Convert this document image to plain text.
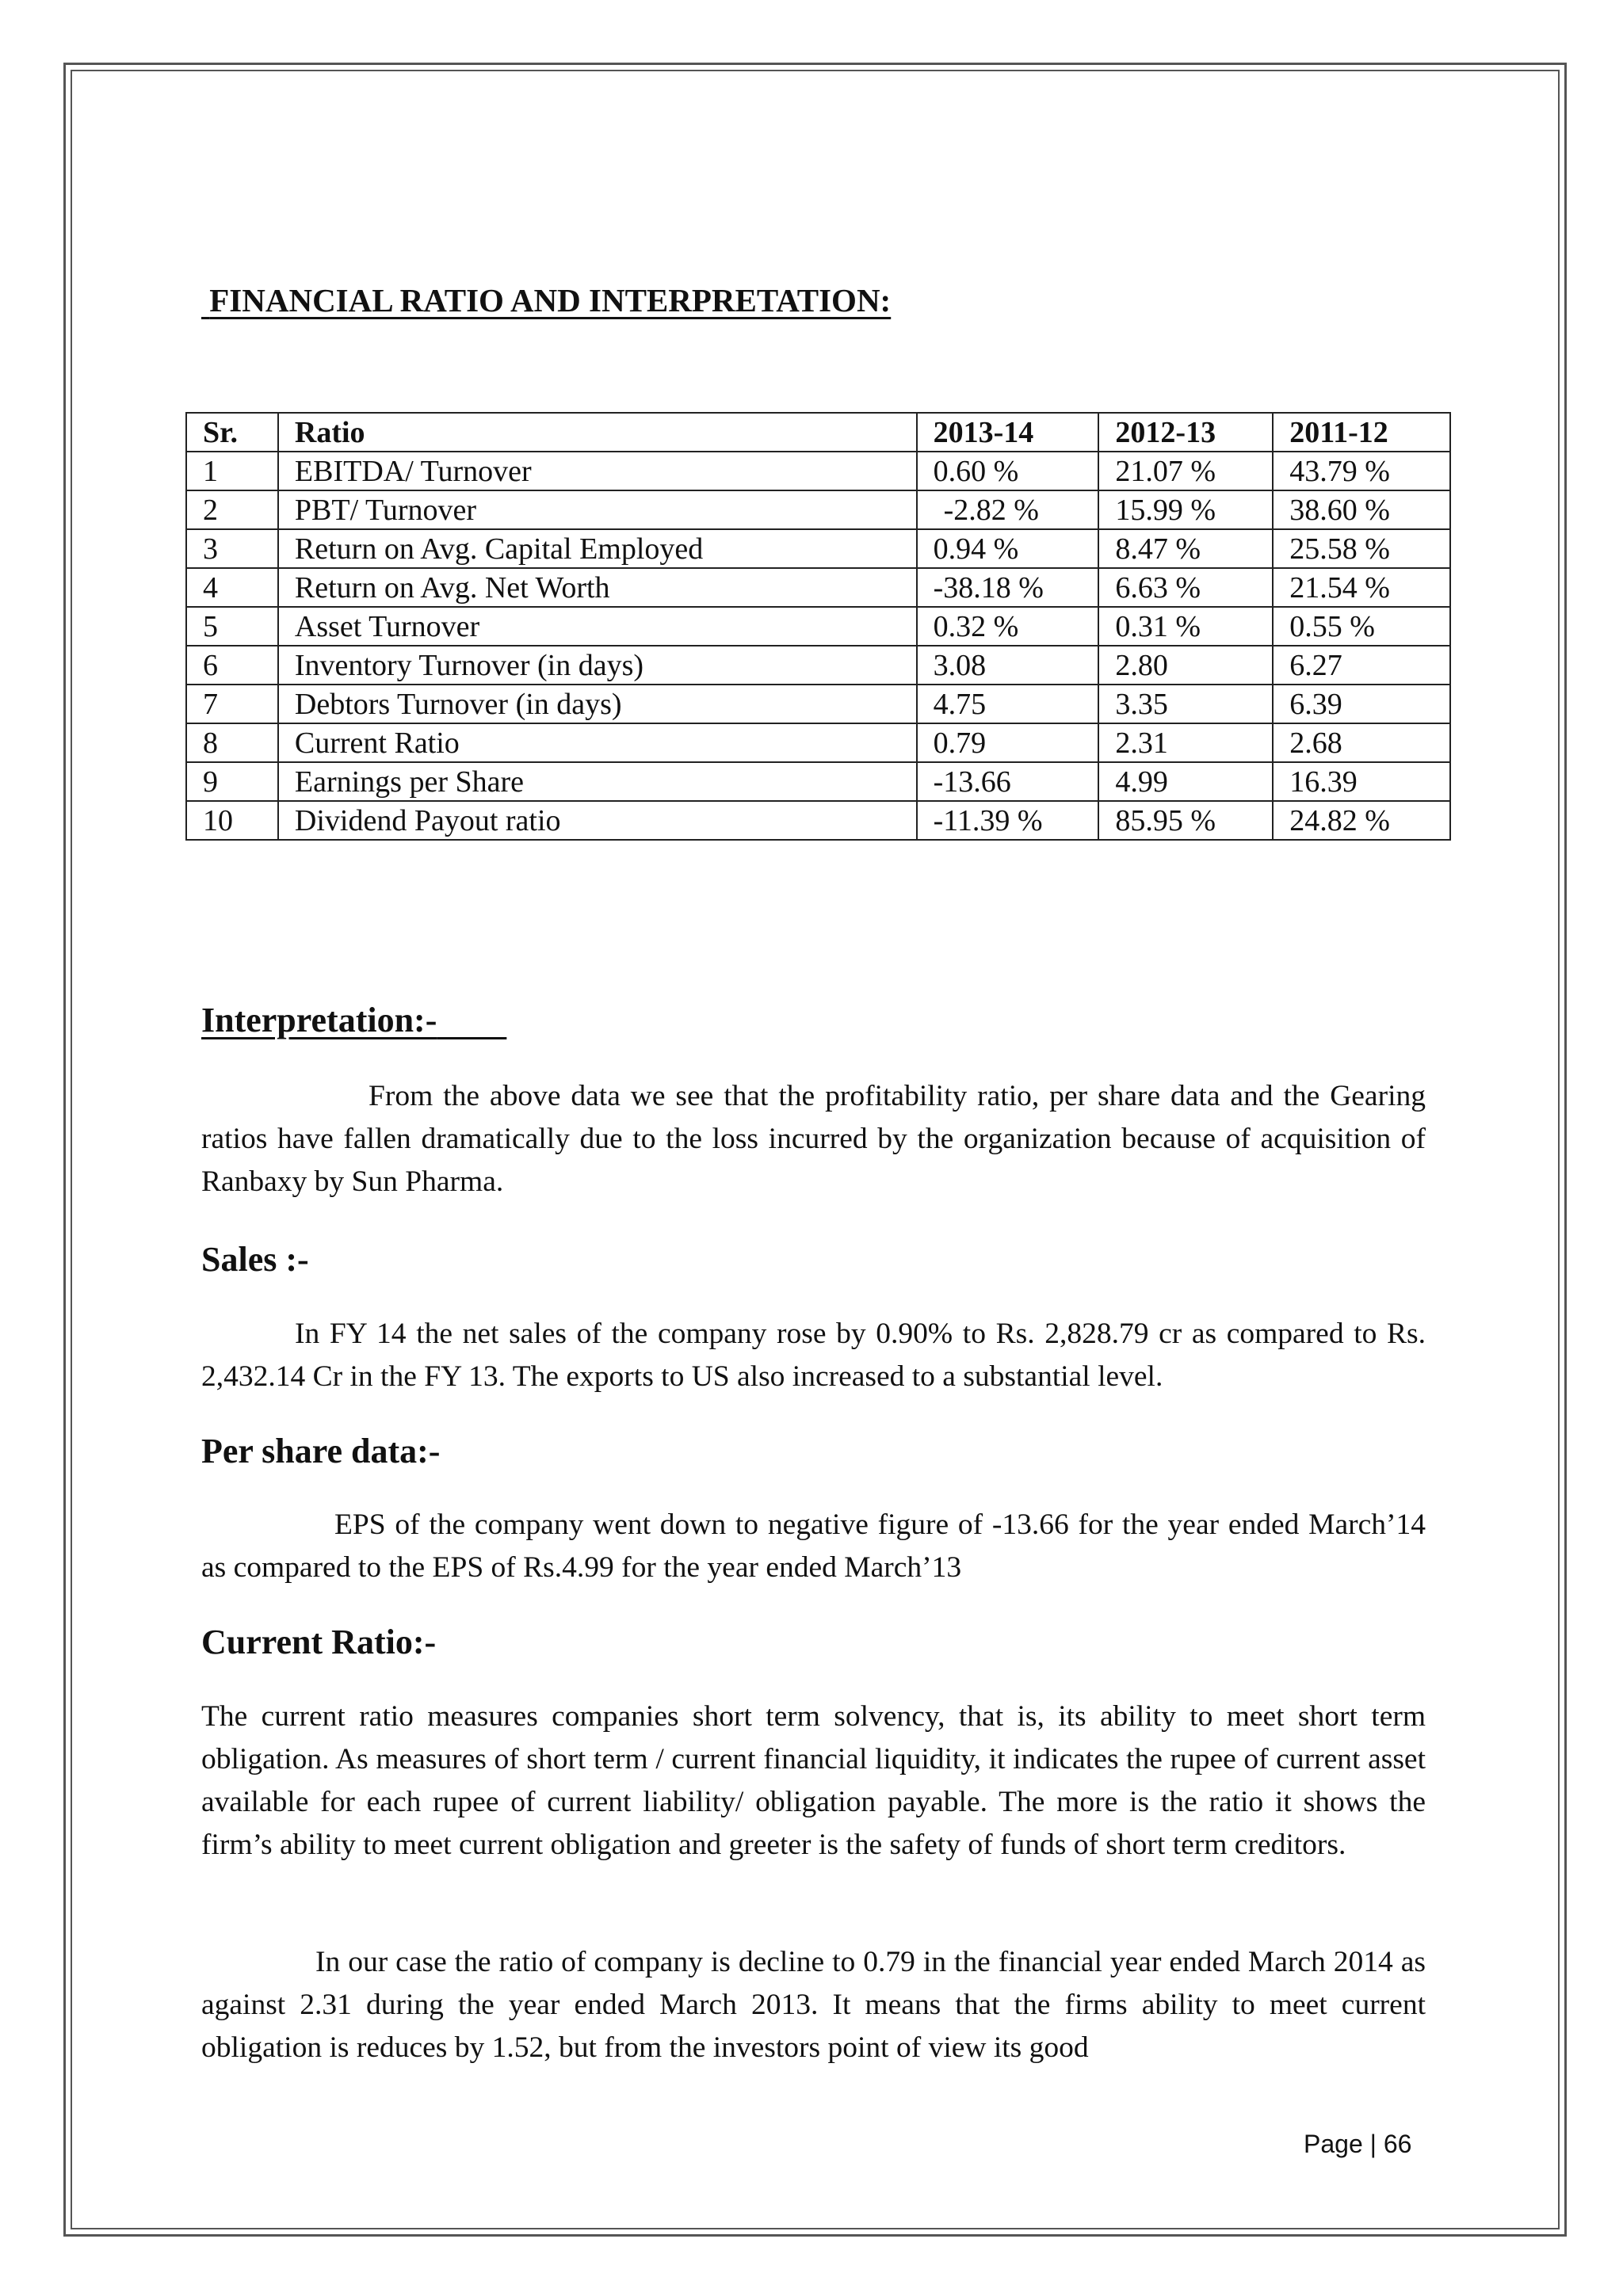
FINANCIAL RATIO AND INTERPRETATION:
Sr.	Ratio	2013-14	2012-13	2011-12
1	EBITDA/ Turnover	0.60 %	21.07 %	43.79 %
2	PBT/ Turnover	-2.82 %	15.99 %	38.60 %
3	Return on Avg. Capital Employed	0.94 %	8.47 %	25.58 %
4	Return on Avg. Net Worth	-38.18 %	6.63 %	21.54 %
5	Asset Turnover	0.32 %	0.31 %	0.55 %
6	Inventory Turnover (in days)	3.08	2.80	6.27
7	Debtors Turnover (in days)	4.75	3.35	6.39
8	Current Ratio	0.79	2.31	2.68
9	Earnings per Share	-13.66	4.99	16.39
10	Dividend Payout ratio	-11.39 %	85.95 %	24.82 %
Interpretation:-

From the above data we see that the profitability ratio, per share data and the Gearing ratios have fallen dramatically due to the loss incurred by the organization because of acquisition of Ranbaxy by Sun Pharma.

Sales :-

In FY 14 the net sales of the company rose by 0.90% to Rs. 2,828.79 cr as compared to Rs. 2,432.14 Cr in the FY 13. The exports to US also increased to a substantial level.

Per share data:-

EPS of the company went down to negative figure of -13.66 for the year ended March’14 as compared to the EPS of Rs.4.99 for the year ended March’13

Current Ratio:-

The current ratio measures companies short term solvency, that is, its ability to meet short term obligation. As measures of short term / current financial liquidity, it indicates the rupee of current asset available for each rupee of current liability/ obligation payable. The more is the ratio it shows the firm’s ability to meet current obligation and greeter is the safety of funds of short term creditors.

In our case the ratio of company is decline to 0.79 in the financial year ended March 2014 as against 2.31 during the year ended March 2013. It means that the firms ability to meet current obligation is reduces by 1.52, but from the investors point of view its good

Page | 66
